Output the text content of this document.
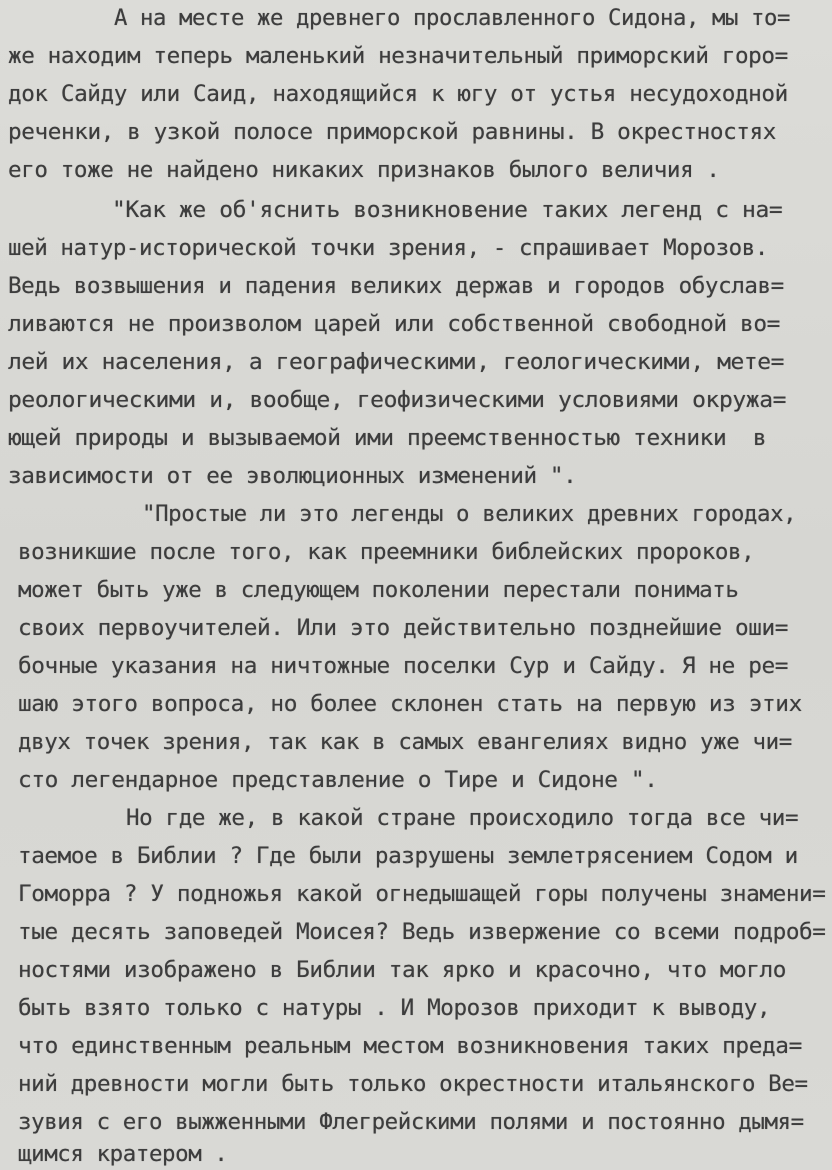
А на месте же древнего прославленного Сидона, мы то=
же находим теперь маленький незначительный приморский горо=
док Сайду или Саид, находящийся к югу от устья несудоходной
реченки, в узкой полосе приморской равнины. В окрестностях
его тоже не найдено никаких признаков былого величия .
"Как же об'яснить возникновение таких легенд с на=
шей натур-исторической точки зрения, - спрашивает Морозов.
Ведь возвышения и падения великих держав и городов обуслав=
ливаются не произволом царей или собственной свободной во=
лей их населения, а географическими, геологическими, мете=
реологическими и, вообще, геофизическими условиями окружа=
ющей природы и вызываемой ими преемственностью техники  в
зависимости от ее эволюционных изменений ".
"Простые ли это легенды о великих древних городах,
возникшие после того, как преемники библейских пророков,
может быть уже в следующем поколении перестали понимать
своих первоучителей. Или это действительно позднейшие оши=
бочные указания на ничтожные поселки Сур и Сайду. Я не ре=
шаю этого вопроса, но более склонен стать на первую из этих
двух точек зрения, так как в самых евангелиях видно уже чи=
сто легендарное представление о Тире и Сидоне ".
Но где же, в какой стране происходило тогда все чи=
таемое в Библии ? Где были разрушены землетрясением Содом и
Гоморра ? У подножья какой огнедышащей горы получены знамени=
тые десять заповедей Моисея? Ведь извержение со всеми подроб=
ностями изображено в Библии так ярко и красочно, что могло
быть взято только с натуры . И Морозов приходит к выводу,
что единственным реальным местом возникновения таких преда=
ний древности могли быть только окрестности итальянского Ве=
зувия с его выжженными Флегрейскими полями и постоянно дымя=
щимся кратером .
